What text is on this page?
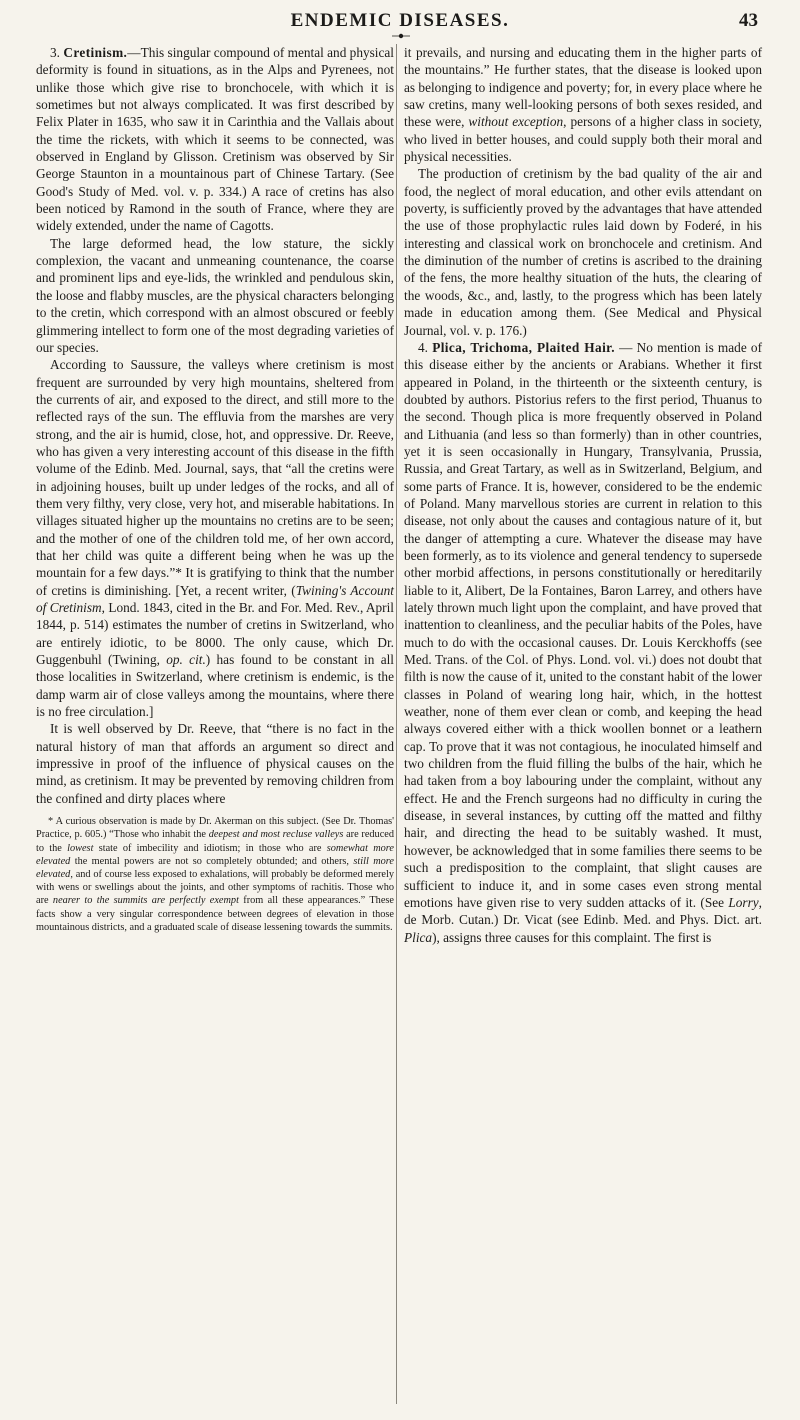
ENDEMIC DISEASES.	43

3. Cretinism.—This singular compound of mental and physical deformity is found in situations, as in the Alps and Pyrenees, not unlike those which give rise to bronchocele, with which it is sometimes but not always complicated. It was first described by Felix Plater in 1635, who saw it in Carinthia and the Vallais about the time the rickets, with which it seems to be connected, was observed in England by Glisson. Cretinism was observed by Sir George Staunton in a mountainous part of Chinese Tartary. (See Good's Study of Med. vol. v. p. 334.) A race of cretins has also been noticed by Ramond in the south of France, where they are widely extended, under the name of Cagotts.

The large deformed head, the low stature, the sickly complexion, the vacant and unmeaning countenance, the coarse and prominent lips and eye-lids, the wrinkled and pendulous skin, the loose and flabby muscles, are the physical characters belonging to the cretin, which correspond with an almost obscured or feebly glimmering intellect to form one of the most degrading varieties of our species.

According to Saussure, the valleys where cretinism is most frequent are surrounded by very high mountains, sheltered from the currents of air, and exposed to the direct, and still more to the reflected rays of the sun. The effluvia from the marshes are very strong, and the air is humid, close, hot, and oppressive. Dr. Reeve, who has given a very interesting account of this disease in the fifth volume of the Edinb. Med. Journal, says, that “all the cretins were in adjoining houses, built up under ledges of the rocks, and all of them very filthy, very close, very hot, and miserable habitations. In villages situated higher up the mountains no cretins are to be seen; and the mother of one of the children told me, of her own accord, that her child was quite a different being when he was up the mountain for a few days.”* It is gratifying to think that the number of cretins is diminishing. [Yet, a recent writer, (Twining's Account of Cretinism, Lond. 1843, cited in the Br. and For. Med. Rev., April 1844, p. 514) estimates the number of cretins in Switzerland, who are entirely idiotic, to be 8000. The only cause, which Dr. Guggenbuhl (Twining, op. cit.) has found to be constant in all those localities in Switzerland, where cretinism is endemic, is the damp warm air of close valleys among the mountains, where there is no free circulation.]

It is well observed by Dr. Reeve, that “there is no fact in the natural history of man that affords an argument so direct and impressive in proof of the influence of physical causes on the mind, as cretinism. It may be prevented by removing children from the confined and dirty places where

* A curious observation is made by Dr. Akerman on this subject. (See Dr. Thomas' Practice, p. 605.) “Those who inhabit the deepest and most recluse valleys are reduced to the lowest state of imbecility and idiotism; in those who are somewhat more elevated the mental powers are not so completely obtunded; and others, still more elevated, and of course less exposed to exhalations, will probably be deformed merely with wens or swellings about the joints, and other symptoms of rachitis. Those who are nearer to the summits are perfectly exempt from all these appearances.” These facts show a very singular correspondence between degrees of elevation in those mountainous districts, and a graduated scale of disease lessening towards the summits.

it prevails, and nursing and educating them in the higher parts of the mountains.” He further states, that the disease is looked upon as belonging to indigence and poverty; for, in every place where he saw cretins, many well-looking persons of both sexes resided, and these were, without exception, persons of a higher class in society, who lived in better houses, and could supply both their moral and physical necessities.

The production of cretinism by the bad quality of the air and food, the neglect of moral education, and other evils attendant on poverty, is sufficiently proved by the advantages that have attended the use of those prophylactic rules laid down by Foderé, in his interesting and classical work on bronchocele and cretinism. And the diminution of the number of cretins is ascribed to the draining of the fens, the more healthy situation of the huts, the clearing of the woods, &c., and, lastly, to the progress which has been lately made in education among them. (See Medical and Physical Journal, vol. v. p. 176.)

4. Plica, Trichoma, Plaited Hair. — No mention is made of this disease either by the ancients or Arabians. Whether it first appeared in Poland, in the thirteenth or the sixteenth century, is doubted by authors. Pistorius refers to the first period, Thuanus to the second. Though plica is more frequently observed in Poland and Lithuania (and less so than formerly) than in other countries, yet it is seen occasionally in Hungary, Transylvania, Prussia, Russia, and Great Tartary, as well as in Switzerland, Belgium, and some parts of France. It is, however, considered to be the endemic of Poland. Many marvellous stories are current in relation to this disease, not only about the causes and contagious nature of it, but the danger of attempting a cure. Whatever the disease may have been formerly, as to its violence and general tendency to supersede other morbid affections, in persons constitutionally or hereditarily liable to it, Alibert, De la Fontaines, Baron Larrey, and others have lately thrown much light upon the complaint, and have proved that inattention to cleanliness, and the peculiar habits of the Poles, have much to do with the occasional causes. Dr. Louis Kerckhoffs (see Med. Trans. of the Col. of Phys. Lond. vol. vi.) does not doubt that filth is now the cause of it, united to the constant habit of the lower classes in Poland of wearing long hair, which, in the hottest weather, none of them ever clean or comb, and keeping the head always covered either with a thick woollen bonnet or a leathern cap. To prove that it was not contagious, he inoculated himself and two children from the fluid filling the bulbs of the hair, which he had taken from a boy labouring under the complaint, without any effect. He and the French surgeons had no difficulty in curing the disease, in several instances, by cutting off the matted and filthy hair, and directing the head to be suitably washed. It must, however, be acknowledged that in some families there seems to be such a predisposition to the complaint, that slight causes are sufficient to induce it, and in some cases even strong mental emotions have given rise to very sudden attacks of it. (See Lorry, de Morb. Cutan.) Dr. Vicat (see Edinb. Med. and Phys. Dict. art. Plica), assigns three causes for this complaint. The first is
